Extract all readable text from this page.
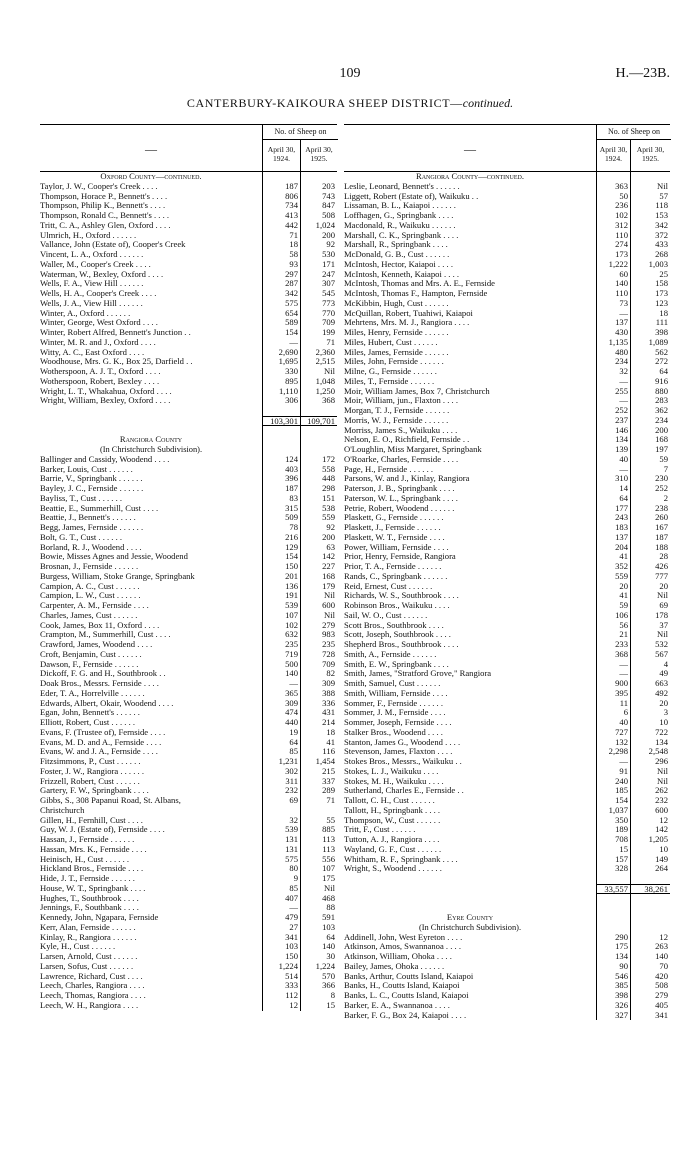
109	H.—23B.
CANTERBURY-KAIKOURA SHEEP DISTRICT—continued.
—
No. of Sheep on
April 30, 1924.
April 30, 1925.
Oxford County—continued.
Taylor, J. W., Cooper's Creek . . . .	187	203
Thompson, Horace P., Bennett's . . . .	806	743
Thompson, Philip K., Bennett's . . . .	734	847
Thompson, Ronald C., Bennett's . . . .	413	508
Tritt, C. A., Ashley Glen, Oxford . . . .	442	1,024
Ulmrich, H., Oxford . . . . . .	71	200
Vallance, John (Estate of), Cooper's Creek	18	92
Vincent, L. A., Oxford . . . . . .	58	530
Waller, M., Cooper's Creek . . . .	93	171
Waterman, W., Bexley, Oxford . . . .	297	247
Wells, F. A., View Hill . . . . . .	287	307
Wells, H. A., Cooper's Creek . . . .	342	545
Wells, J. A., View Hill . . . . . .	575	773
Winter, A., Oxford . . . . . .	654	770
Winter, George, West Oxford . . . .	589	709
Winter, Robert Alfred, Bennett's Junction . .	154	199
Winter, M. R. and J., Oxford . . . .	—	71
Witty, A. C., East Oxford . . . .	2,690	2,360
Woodhouse, Mrs. G. K., Box 25, Darfield . .	1,695	2,515
Wotherspoon, A. J. T., Oxford . . . .	330	Nil
Wotherspoon, Robert, Bexley . . . .	895	1,048
Wright, L. T., Whakahua, Oxford . . . .	1,110	1,250
Wright, William, Bexley, Oxford . . . .	306	368
103,301	109,701
Rangiora County
(In Christchurch Subdivision).
Ballinger and Cassidy, Woodend . . . .	124	172
Barker, Louis, Cust . . . . . .	403	558
Barrie, V., Springbank . . . . . .	396	448
Bayley, J. C., Fernside . . . . . .	187	298
Bayliss, T., Cust . . . . . .	83	151
Beattie, E., Summerhill, Cust . . . .	315	538
Beattie, J., Bennett's . . . . . .	509	559
Begg, James, Fernside . . . . . .	78	92
Bolt, G. T., Cust . . . . . .	216	200
Borland, R. J., Woodend . . . .	129	63
Bowie, Misses Agnes and Jessie, Woodend	154	142
Brosnan, J., Fernside . . . . . .	150	227
Burgess, William, Stoke Grange, Springbank	201	168
Campion, A. C., Cust . . . . . .	136	179
Campion, L. W., Cust . . . . . .	191	Nil
Carpenter, A. M., Fernside . . . .	539	600
Charles, James, Cust . . . . . .	107	Nil
Cook, James, Box 11, Oxford . . . .	102	279
Crampton, M., Summerhill, Cust . . . .	632	983
Crawford, James, Woodend . . . .	235	235
Croft, Benjamin, Cust . . . . . .	719	728
Dawson, F., Fernside . . . . . .	500	709
Dickoff, F. G. and H., Southbrook . .	140	82
Doak Bros., Messrs. Fernside . . . .	—	309
Eder, T. A., Horrelville . . . . . .	365	388
Edwards, Albert, Okair, Woodend . . . .	309	336
Egan, John, Bennett's . . . . . .	474	431
Elliott, Robert, Cust . . . . . .	440	214
Evans, F. (Trustee of), Fernside . . . .	19	18
Evans, M. D. and A., Fernside . . . .	64	41
Evans, W. and J. A., Fernside . . . .	85	116
Fitzsimmons, P., Cust . . . . . .	1,231	1,454
Foster, J. W., Rangiora . . . . . .	302	215
Frizzell, Robert, Cust . . . . . .	311	337
Gartery, F. W., Springbank . . . .	232	289
Gibbs, S., 308 Papanui Road, St. Albans,	69	71
Christchurch
Gillen, H., Fernhill, Cust . . . .	32	55
Guy, W. J. (Estate of), Fernside . . . .	539	885
Hassan, J., Fernside . . . . . .	131	113
Hassan, Mrs. K., Fernside . . . .	131	113
Heinisch, H., Cust . . . . . .	575	556
Hickland Bros., Fernside . . . .	80	107
Hide, J. T., Fernside . . . . . .	9	175
House, W. T., Springbank . . . .	85	Nil
Hughes, T., Southbrook . . . .	407	468
Jennings, F., Southbank . . . .	—	88
Kennedy, John, Ngapara, Fernside	479	591
Kerr, Alan, Fernside . . . . . .	27	103
Kinlay, R., Rangiora . . . . . .	341	64
Kyle, H., Cust . . . . . .	103	140
Larsen, Arnold, Cust . . . . . .	150	30
Larsen, Sofus, Cust . . . . . .	1,224	1,224
Lawrence, Richard, Cust . . . .	514	570
Leech, Charles, Rangiora . . . .	333	366
Leech, Thomas, Rangiora . . . .	112	8
Leech, W. H., Rangiora . . . .	12	15
—
No. of Sheep on
April 30, 1924.
April 30, 1925.
Rangiora County—continued.
Leslie, Leonard, Bennett's . . . . . .	363	Nil
Liggett, Robert (Estate of), Waikuku . .	50	57
Lissaman, B. L., Kaiapoi . . . . . .	236	118
Loffhagen, G., Springbank . . . .	102	153
Macdonald, R., Waikuku . . . . . .	312	342
Marshall, C. K., Springbank . . . .	110	372
Marshall, R., Springbank . . . .	274	433
McDonald, G. B., Cust . . . . . .	173	268
McIntosh, Hector, Kaiapoi . . . .	1,222	1,003
McIntosh, Kenneth, Kaiapoi . . . .	60	25
McIntosh, Thomas and Mrs. A. E., Fernside	140	158
McIntosh, Thomas F., Hampton, Fernside	110	173
McKibbin, Hugh, Cust . . . . . .	73	123
McQuillan, Robert, Tuahiwi, Kaiapoi	—	18
Mehrtens, Mrs. M. J., Rangiora . . . .	137	111
Miles, Henry, Fernside . . . . . .	430	398
Miles, Hubert, Cust . . . . . .	1,135	1,089
Miles, James, Fernside . . . . . .	480	562
Miles, John, Fernside . . . . . .	234	272
Milne, G., Fernside . . . . . .	32	64
Miles, T., Fernside . . . . . .	—	916
Moir, William James, Box 7, Christchurch	255	880
Moir, William, jun., Flaxton . . . .	—	283
Morgan, T. J., Fernside . . . . . .	252	362
Morris, W. J., Fernside . . . . . .	237	234
Morriss, James S., Waikuku . . . .	146	200
Nelson, E. O., Richfield, Fernside . .	134	168
O'Loughlin, Miss Margaret, Springbank	139	197
O'Roarke, Charles, Fernside . . . .	40	59
Page, H., Fernside . . . . . .	—	7
Parsons, W. and J., Kinlay, Rangiora	310	230
Paterson, J. B., Springbank . . . .	14	252
Paterson, W. L., Springbank . . . .	64	2
Petrie, Robert, Woodend . . . . . .	177	238
Plaskett, G., Fernside . . . . . .	243	260
Plaskett, J., Fernside . . . . . .	183	167
Plaskett, W. T., Fernside . . . .	137	187
Power, William, Fernside . . . .	204	188
Prior, Henry, Fernside, Rangiora	41	28
Prior, T. A., Fernside . . . . . .	352	426
Rands, C., Springbank . . . . . .	559	777
Reid, Ernest, Cust . . . . . .	20	20
Richards, W. S., Southbrook . . . .	41	Nil
Robinson Bros., Waikuku . . . .	59	69
Sail, W. O., Cust . . . . . .	106	178
Scott Bros., Southbrook . . . .	56	37
Scott, Joseph, Southbrook . . . .	21	Nil
Shepherd Bros., Southbrook . . . .	233	532
Smith, A., Fernside . . . . . .	368	567
Smith, E. W., Springbank . . . .	—	4
Smith, James, "Stratford Grove," Rangiora	—	49
Smith, Samuel, Cust . . . . . .	900	663
Smith, William, Fernside . . . .	395	492
Sommer, F., Fernside . . . . . .	11	20
Sommer, J. M., Fernside . . . .	6	3
Sommer, Joseph, Fernside . . . .	40	10
Stalker Bros., Woodend . . . .	727	722
Stanton, James G., Woodend . . . .	132	134
Stevenson, James, Flaxton . . . .	2,298	2,548
Stokes Bros., Messrs., Waikuku . .	—	296
Stokes, L. J., Waikuku . . . .	91	Nil
Stokes, M. H., Waikuku . . . .	240	Nil
Sutherland, Charles E., Fernside . .	185	262
Tallott, C. H., Cust . . . . . .	154	232
Tallott, H., Springbank . . . .	1,037	600
Thompson, W., Cust . . . . . .	350	12
Tritt, F., Cust . . . . . .	189	142
Tutton, A. J., Rangiora . . . .	708	1,205
Wayland, G. F., Cust . . . . . .	15	10
Whitham, R. F., Springbank . . . .	157	149
Wright, S., Woodend . . . . . .	328	264
33,557	38,261
Eyre County
(In Christchurch Subdivision).
Addinell, John, West Eyreton . . . .	290	12
Atkinson, Amos, Swannanoa . . . .	175	263
Atkinson, William, Ohoka . . . .	134	140
Bailey, James, Ohoka . . . . . .	90	70
Banks, Arthur, Coutts Island, Kaiapoi	546	420
Banks, H., Coutts Island, Kaiapoi	385	508
Banks, L. C., Coutts Island, Kaiapoi	398	279
Barker, E. A., Swannanoa . . . .	326	405
Barker, F. G., Box 24, Kaiapoi . . . .	327	341
